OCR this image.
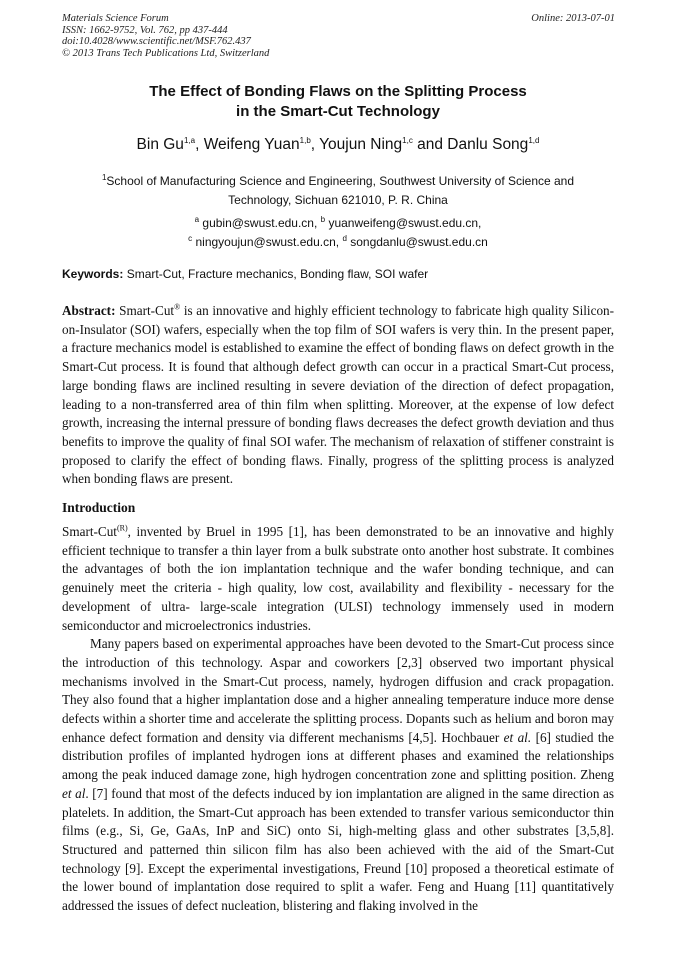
Materials Science Forum
ISSN: 1662-9752, Vol. 762, pp 437-444
doi:10.4028/www.scientific.net/MSF.762.437
© 2013 Trans Tech Publications Ltd, Switzerland
Online: 2013-07-01
The Effect of Bonding Flaws on the Splitting Process
in the Smart-Cut Technology
Bin Gu$^{1,a}$, Weifeng Yuan$^{1,b}$, Youjun Ning$^{1,c}$ and Danlu Song$^{1,d}$
$^1$School of Manufacturing Science and Engineering, Southwest University of Science and
Technology, Sichuan 621010, P. R. China
$^a$ gubin@swust.edu.cn, $^b$ yuanweifeng@swust.edu.cn,
$^c$ ningyoujun@swust.edu.cn, $^d$ songdanlu@swust.edu.cn
Keywords: Smart-Cut, Fracture mechanics, Bonding flaw, SOI wafer
Abstract: Smart-Cut® is an innovative and highly efficient technology to fabricate high quality Silicon-on-Insulator (SOI) wafers, especially when the top film of SOI wafers is very thin. In the present paper, a fracture mechanics model is established to examine the effect of bonding flaws on defect growth in the Smart-Cut process. It is found that although defect growth can occur in a practical Smart-Cut process, large bonding flaws are inclined resulting in severe deviation of the direction of defect propagation, leading to a non-transferred area of thin film when splitting. Moreover, at the expense of low defect growth, increasing the internal pressure of bonding flaws decreases the defect growth deviation and thus benefits to improve the quality of final SOI wafer. The mechanism of relaxation of stiffener constraint is proposed to clarify the effect of bonding flaws. Finally, progress of the splitting process is analyzed when bonding flaws are present.
Introduction

Smart-Cut$^{(R)}$, invented by Bruel in 1995 [1], has been demonstrated to be an innovative and highly efficient technique to transfer a thin layer from a bulk substrate onto another host substrate. It combines the advantages of both the ion implantation technique and the wafer bonding technique, and can genuinely meet the criteria - high quality, low cost, availability and flexibility - necessary for the development of ultra- large-scale integration (ULSI) technology immensely used in modern semiconductor and microelectronics industries.

Many papers based on experimental approaches have been devoted to the Smart-Cut process since the introduction of this technology. Aspar and coworkers [2,3] observed two important physical mechanisms involved in the Smart-Cut process, namely, hydrogen diffusion and crack propagation. They also found that a higher implantation dose and a higher annealing temperature induce more dense defects within a shorter time and accelerate the splitting process. Dopants such as helium and boron may enhance defect formation and density via different mechanisms [4,5]. Hochbauer et al. [6] studied the distribution profiles of implanted hydrogen ions at different phases and examined the relationships among the peak induced damage zone, high hydrogen concentration zone and splitting position. Zheng et al. [7] found that most of the defects induced by ion implantation are aligned in the same direction as platelets. In addition, the Smart-Cut approach has been extended to transfer various semiconductor thin films (e.g., Si, Ge, GaAs, InP and SiC) onto Si, high-melting glass and other substrates [3,5,8]. Structured and patterned thin silicon film has also been achieved with the aid of the Smart-Cut technology [9]. Except the experimental investigations, Freund [10] proposed a theoretical estimate of the lower bound of implantation dose required to split a wafer. Feng and Huang [11] quantitatively addressed the issues of defect nucleation, blistering and flaking involved in the
